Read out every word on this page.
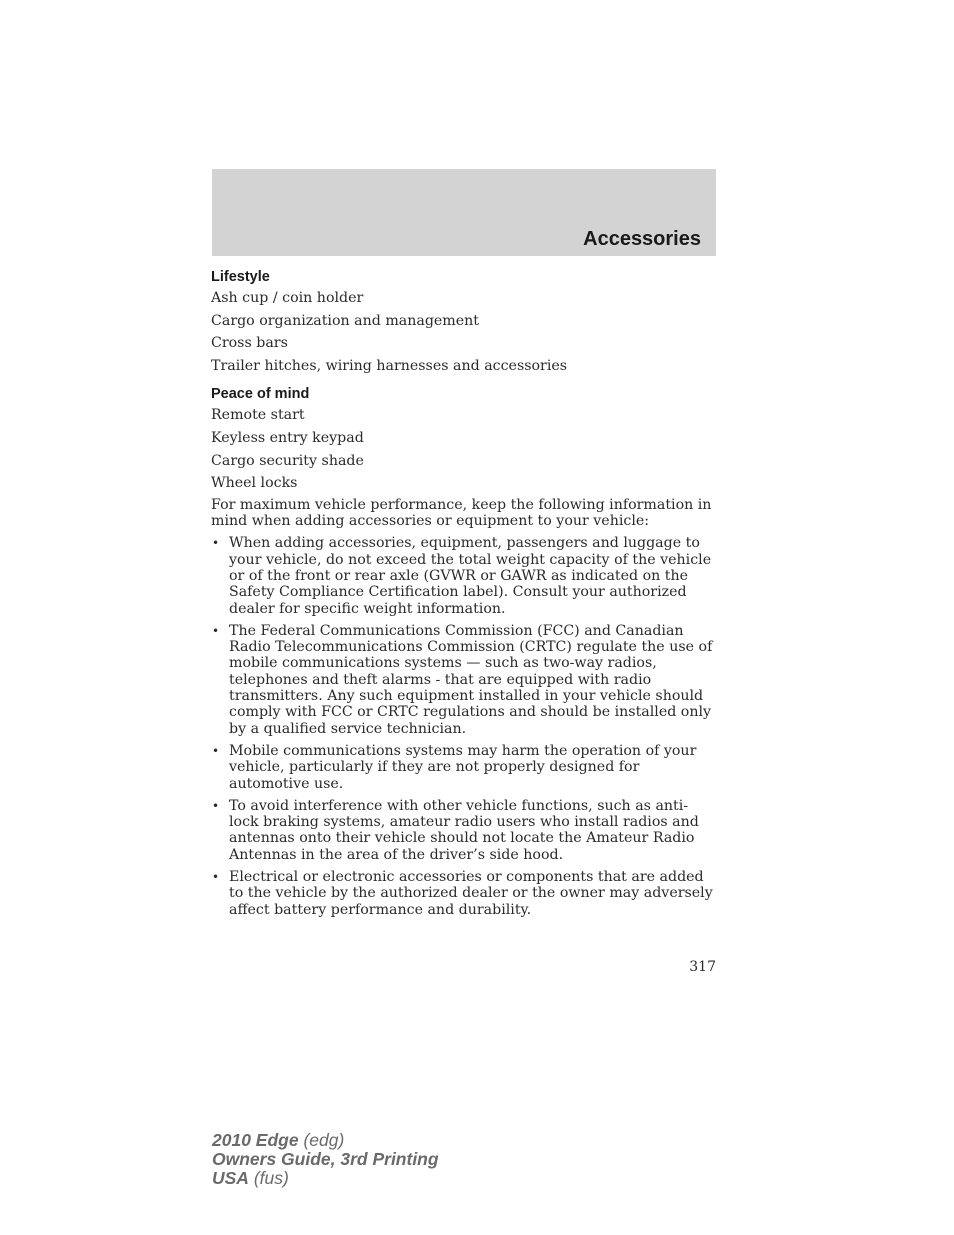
Accessories
Lifestyle

Ash cup / coin holder

Cargo organization and management

Cross bars

Trailer hitches, wiring harnesses and accessories

Peace of mind

Remote start

Keyless entry keypad

Cargo security shade

Wheel locks

For maximum vehicle performance, keep the following information in mind when adding accessories or equipment to your vehicle:

• When adding accessories, equipment, passengers and luggage to your vehicle, do not exceed the total weight capacity of the vehicle or of the front or rear axle (GVWR or GAWR as indicated on the Safety Compliance Certification label). Consult your authorized dealer for specific weight information.
• The Federal Communications Commission (FCC) and Canadian Radio Telecommunications Commission (CRTC) regulate the use of mobile communications systems — such as two-way radios, telephones and theft alarms - that are equipped with radio transmitters. Any such equipment installed in your vehicle should comply with FCC or CRTC regulations and should be installed only by a qualified service technician.
• Mobile communications systems may harm the operation of your vehicle, particularly if they are not properly designed for automotive use.
• To avoid interference with other vehicle functions, such as anti-lock braking systems, amateur radio users who install radios and antennas onto their vehicle should not locate the Amateur Radio Antennas in the area of the driver’s side hood.
• Electrical or electronic accessories or components that are added to the vehicle by the authorized dealer or the owner may adversely affect battery performance and durability.
317
2010 Edge (edg)
Owners Guide, 3rd Printing
USA (fus)
